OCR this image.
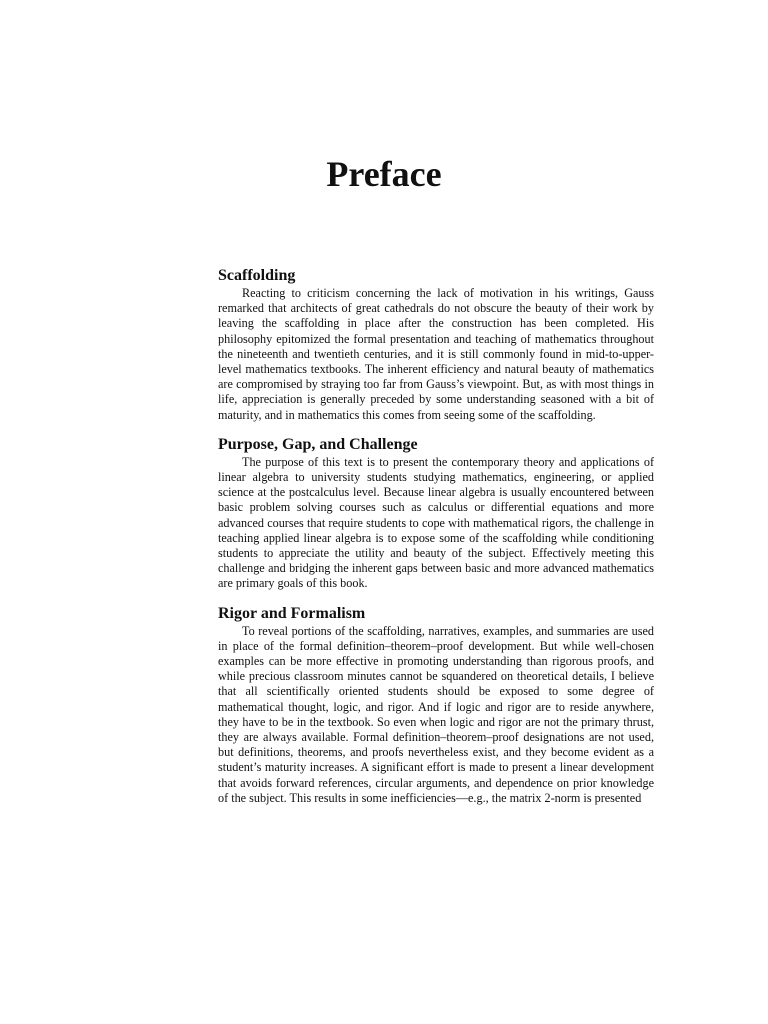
Preface
Scaffolding

Reacting to criticism concerning the lack of motivation in his writings, Gauss remarked that architects of great cathedrals do not obscure the beauty of their work by leaving the scaffolding in place after the construction has been completed. His philosophy epitomized the formal presentation and teaching of mathematics throughout the nineteenth and twentieth centuries, and it is still commonly found in mid-to-upper-level mathematics textbooks. The inherent efficiency and natural beauty of mathematics are compromised by straying too far from Gauss’s viewpoint. But, as with most things in life, appreciation is generally preceded by some understanding seasoned with a bit of maturity, and in mathematics this comes from seeing some of the scaffolding.

Purpose, Gap, and Challenge

The purpose of this text is to present the contemporary theory and applications of linear algebra to university students studying mathematics, engineering, or applied science at the postcalculus level. Because linear algebra is usually encountered between basic problem solving courses such as calculus or differential equations and more advanced courses that require students to cope with mathematical rigors, the challenge in teaching applied linear algebra is to expose some of the scaffolding while conditioning students to appreciate the utility and beauty of the subject. Effectively meeting this challenge and bridging the inherent gaps between basic and more advanced mathematics are primary goals of this book.

Rigor and Formalism

To reveal portions of the scaffolding, narratives, examples, and summaries are used in place of the formal definition–theorem–proof development. But while well-chosen examples can be more effective in promoting understanding than rigorous proofs, and while precious classroom minutes cannot be squandered on theoretical details, I believe that all scientifically oriented students should be exposed to some degree of mathematical thought, logic, and rigor. And if logic and rigor are to reside anywhere, they have to be in the textbook. So even when logic and rigor are not the primary thrust, they are always available. Formal definition–theorem–proof designations are not used, but definitions, theorems, and proofs nevertheless exist, and they become evident as a student’s maturity increases. A significant effort is made to present a linear development that avoids forward references, circular arguments, and dependence on prior knowledge of the subject. This results in some inefficiencies—e.g., the matrix 2-norm is presented
